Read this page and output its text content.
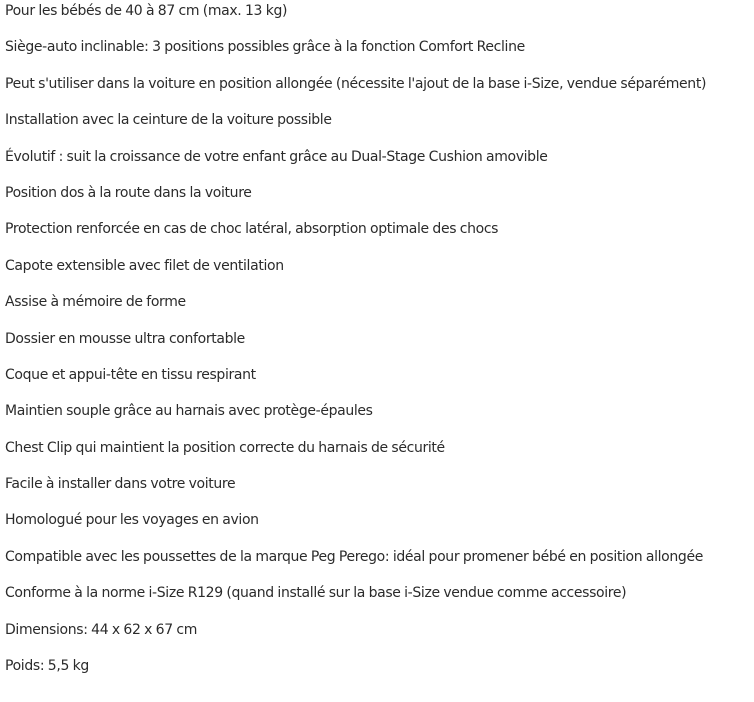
Pour les bébés de 40 à 87 cm (max. 13 kg)
Siège-auto inclinable: 3 positions possibles grâce à la fonction Comfort Recline
Peut s'utiliser dans la voiture en position allongée (nécessite l'ajout de la base i-Size, vendue séparément)
Installation avec la ceinture de la voiture possible
Évolutif : suit la croissance de votre enfant grâce au Dual-Stage Cushion amovible
Position dos à la route dans la voiture
Protection renforcée en cas de choc latéral, absorption optimale des chocs
Capote extensible avec filet de ventilation
Assise à mémoire de forme
Dossier en mousse ultra confortable
Coque et appui-tête en tissu respirant
Maintien souple grâce au harnais avec protège-épaules
Chest Clip qui maintient la position correcte du harnais de sécurité
Facile à installer dans votre voiture
Homologué pour les voyages en avion
Compatible avec les poussettes de la marque Peg Perego: idéal pour promener bébé en position allongée
Conforme à la norme i-Size R129 (quand installé sur la base i-Size vendue comme accessoire)
Dimensions: 44 x 62 x 67 cm
Poids: 5,5 kg
